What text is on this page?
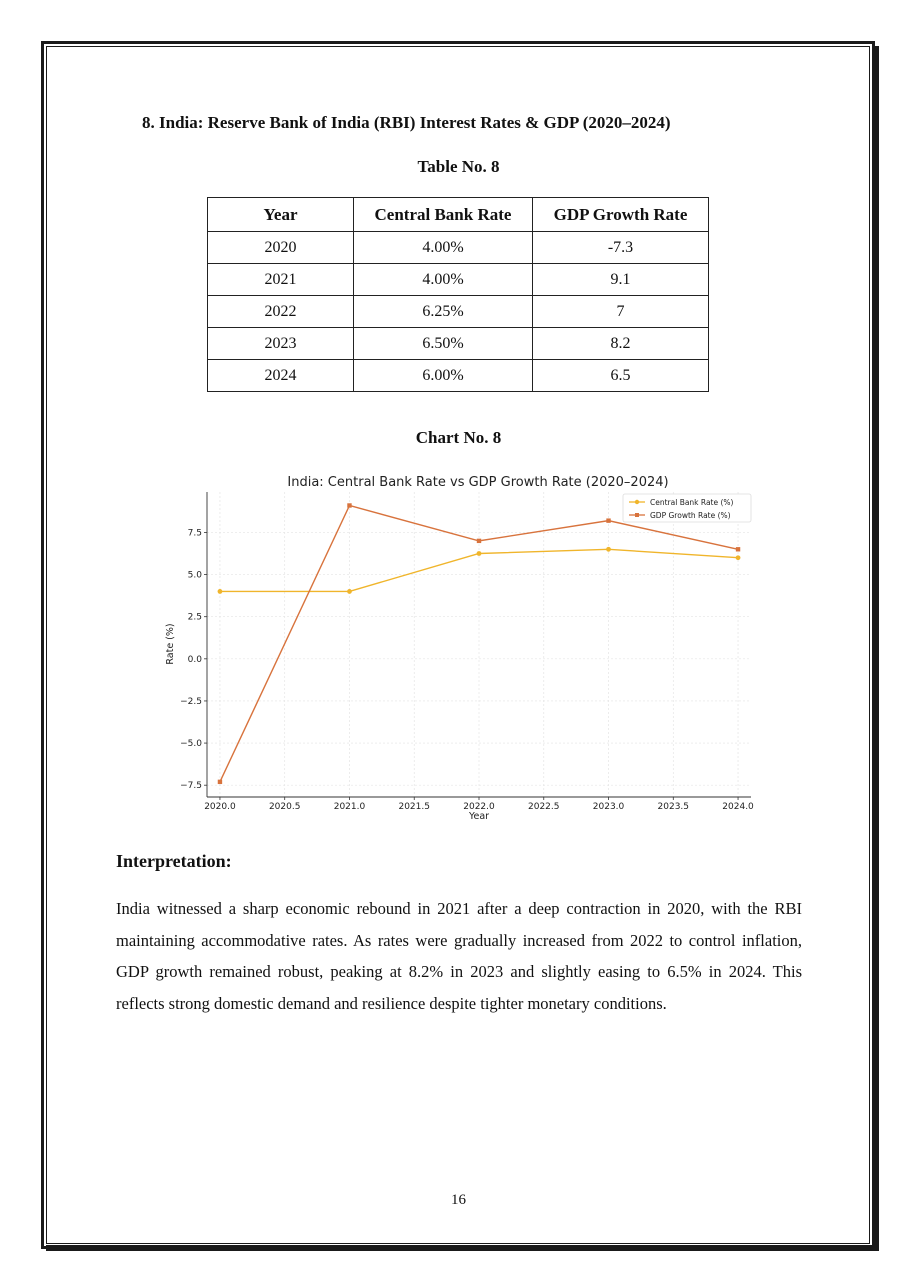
8. India: Reserve Bank of India (RBI) Interest Rates & GDP (2020–2024)
Table No. 8
Year	Central Bank Rate	GDP Growth Rate
2020	4.00%	-7.3
2021	4.00%	9.1
2022	6.25%	7
2023	6.50%	8.2
2024	6.00%	6.5
Chart No. 8
India: Central Bank Rate vs GDP Growth Rate (2020–2024)
Rate (%)
Year
2020.0	2020.5	2021.0	2021.5	2022.0	2022.5	2023.0	2023.5	2024.0
−7.5
−5.0
−2.5
0.0
2.5
5.0
7.5
Central Bank Rate (%)
GDP Growth Rate (%)
Interpretation:
India witnessed a sharp economic rebound in 2021 after a deep contraction in 2020, with the RBI maintaining accommodative rates. As rates were gradually increased from 2022 to control inflation, GDP growth remained robust, peaking at 8.2% in 2023 and slightly easing to 6.5% in 2024. This reflects strong domestic demand and resilience despite tighter monetary conditions.
16
